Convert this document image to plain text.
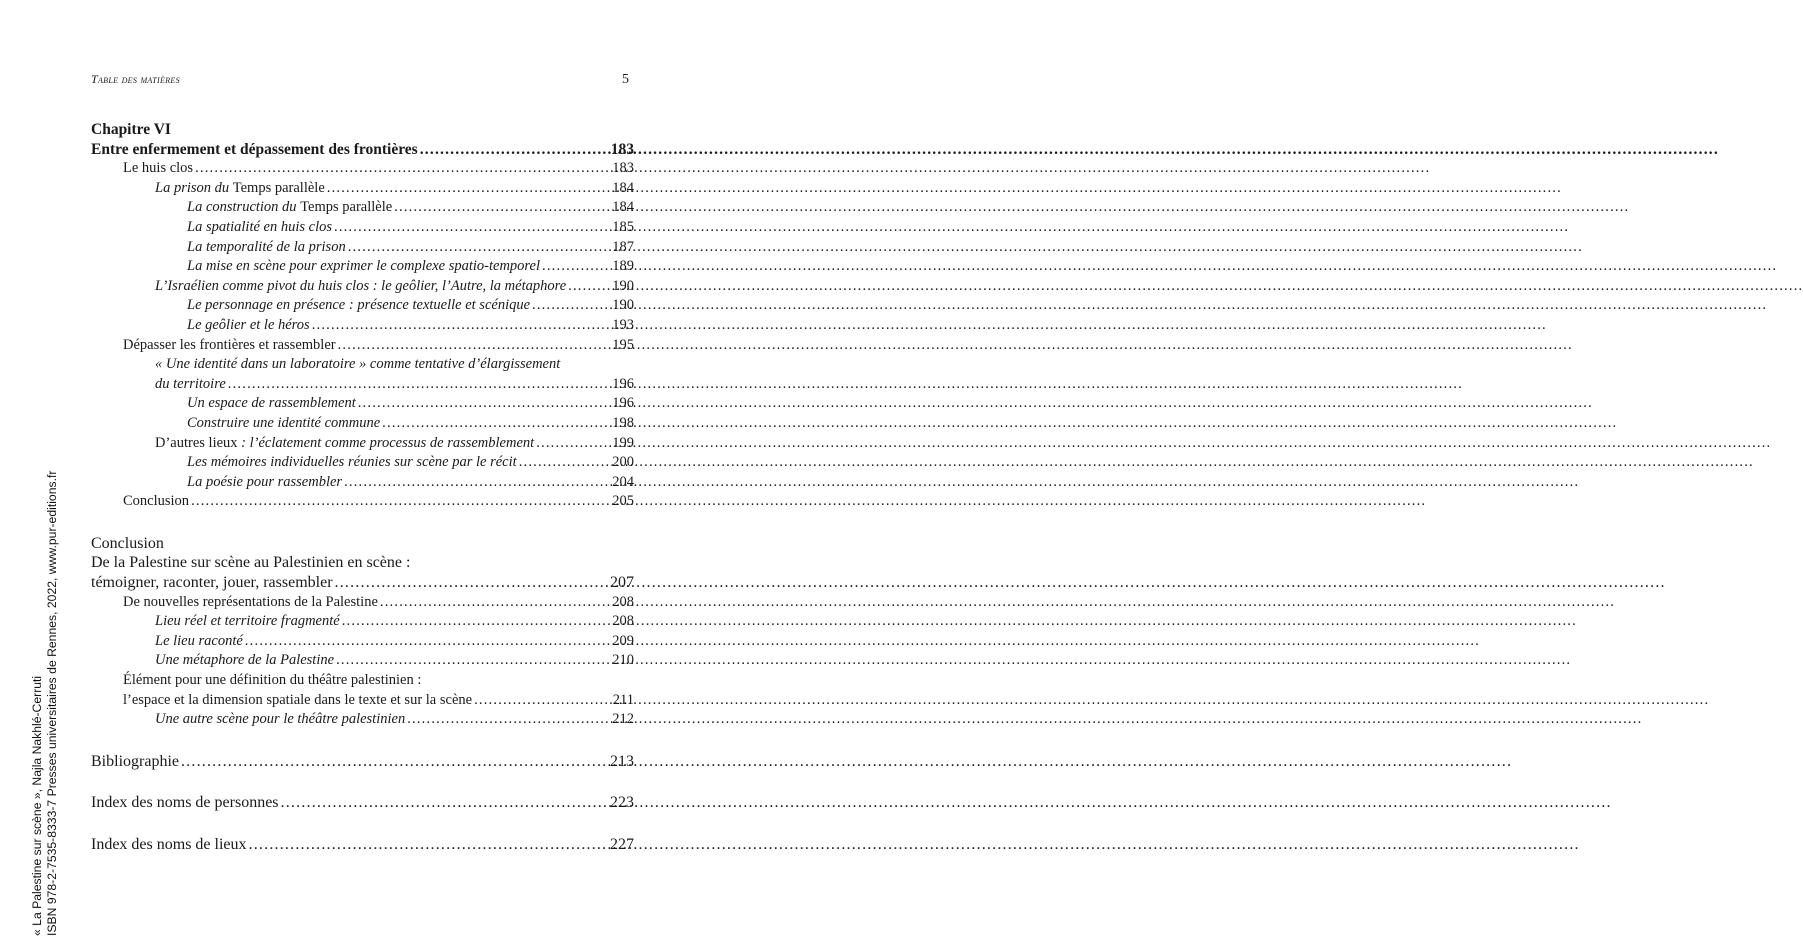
Table des matières	5
Chapitre VI
Entre enfermement et dépassement des frontières .....	183
Le huis clos .....	183
La prison du Temps parallèle .....	184
La construction du Temps parallèle .....	184
La spatialité en huis clos .....	185
La temporalité de la prison .....	187
La mise en scène pour exprimer le complexe spatio-temporel .....	189
L’Israélien comme pivot du huis clos : le geôlier, l’Autre, la métaphore .....	190
Le personnage en présence : présence textuelle et scénique .....	190
Le geôlier et le héros .....	193
Dépasser les frontières et rassembler .....	195
« Une identité dans un laboratoire » comme tentative d’élargissement
du territoire .....	196
Un espace de rassemblement .....	196
Construire une identité commune .....	198
D’autres lieux : l’éclatement comme processus de rassemblement .....	199
Les mémoires individuelles réunies sur scène par le récit .....	200
La poésie pour rassembler .....	204
Conclusion .....	205
Conclusion
De la Palestine sur scène au Palestinien en scène :
témoigner, raconter, jouer, rassembler .....	207
De nouvelles représentations de la Palestine .....	208
Lieu réel et territoire fragmenté .....	208
Le lieu raconté .....	209
Une métaphore de la Palestine .....	210
Élément pour une définition du théâtre palestinien :
l’espace et la dimension spatiale dans le texte et sur la scène .....	211
Une autre scène pour le théâtre palestinien .....	212
Bibliographie .....	213
Index des noms de personnes .....	223
Index des noms de lieux .....	227
« La Palestine sur scène », Najla Nakhlé-Cerruti ISBN 978-2-7535-8333-7 Presses universitaires de Rennes, 2022, www.pur-editions.fr
